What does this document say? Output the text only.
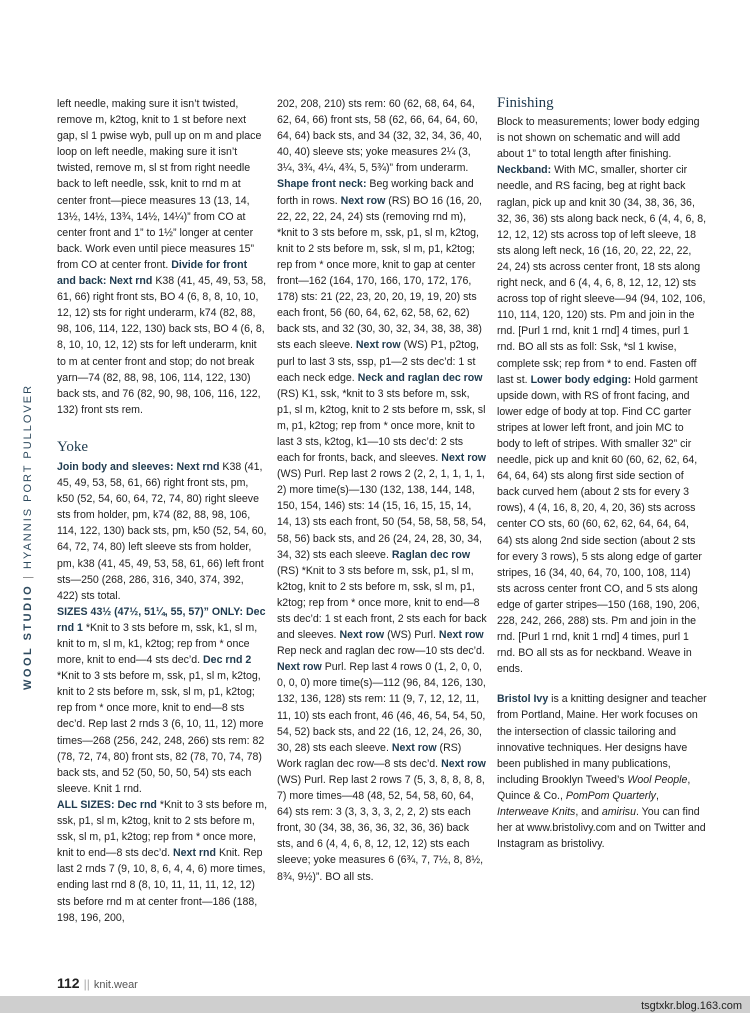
WOOL STUDIO|HYANNIS PORT PULLOVER

left needle, making sure it isn’t twisted, remove m, k2tog, knit to 1 st before next gap, sl 1 pwise wyb, pull up on m and place loop on left needle, making sure it isn’t twisted, remove m, sl st from right needle back to left needle, ssk, knit to rnd m at center front—piece measures 13 (13, 14, 13½, 14½, 13¾, 14½, 14¼)” from CO at center front and 1” to 1½” longer at center back. Work even until piece measures 15” from CO at center front. Divide for front and back: Next rnd K38 (41, 45, 49, 53, 58, 61, 66) right front sts, BO 4 (6, 8, 8, 10, 10, 12, 12) sts for right underarm, k74 (82, 88, 98, 106, 114, 122, 130) back sts, BO 4 (6, 8, 8, 10, 10, 12, 12) sts for left underarm, knit to m at center front and stop; do not break yarn—74 (82, 88, 98, 106, 114, 122, 130) back sts, and 76 (82, 90, 98, 106, 116, 122, 132) front sts rem.

Yoke

Join body and sleeves: Next rnd K38 (41, 45, 49, 53, 58, 61, 66) right front sts, pm, k50 (52, 54, 60, 64, 72, 74, 80) right sleeve sts from holder, pm, k74 (82, 88, 98, 106, 114, 122, 130) back sts, pm, k50 (52, 54, 60, 64, 72, 74, 80) left sleeve sts from holder, pm, k38 (41, 45, 49, 53, 58, 61, 66) left front sts—250 (268, 286, 316, 340, 374, 392, 422) sts total.

SIZES 43½ (47½, 51¼, 55, 57)” ONLY: Dec rnd 1 *Knit to 3 sts before m, ssk, k1, sl m, knit to m, sl m, k1, k2tog; rep from * once more, knit to end—4 sts dec’d. Dec rnd 2 *Knit to 3 sts before m, ssk, p1, sl m, k2tog, knit to 2 sts before m, ssk, sl m, p1, k2tog; rep from * once more, knit to end—8 sts dec’d. Rep last 2 rnds 3 (6, 10, 11, 12) more times—268 (256, 242, 248, 266) sts rem: 82 (78, 72, 74, 80) front sts, 82 (78, 70, 74, 78) back sts, and 52 (50, 50, 50, 54) sts each sleeve. Knit 1 rnd.

ALL SIZES: Dec rnd *Knit to 3 sts before m, ssk, p1, sl m, k2tog, knit to 2 sts before m, ssk, sl m, p1, k2tog; rep from * once more, knit to end—8 sts dec’d. Next rnd Knit. Rep last 2 rnds 7 (9, 10, 8, 6, 4, 4, 6) more times, ending last rnd 8 (8, 10, 11, 11, 11, 12, 12) sts before rnd m at center front—186 (188, 198, 196, 200,

202, 208, 210) sts rem: 60 (62, 68, 64, 64, 62, 64, 66) front sts, 58 (62, 66, 64, 64, 60, 64, 64) back sts, and 34 (32, 32, 34, 36, 40, 40, 40) sleeve sts; yoke measures 2¼ (3, 3¼, 3¾, 4¼, 4¾, 5, 5¾)” from underarm. Shape front neck: Beg working back and forth in rows. Next row (RS) BO 16 (16, 20, 22, 22, 22, 24, 24) sts (removing rnd m), *knit to 3 sts before m, ssk, p1, sl m, k2tog, knit to 2 sts before m, ssk, sl m, p1, k2tog; rep from * once more, knit to gap at center front—162 (164, 170, 166, 170, 172, 176, 178) sts: 21 (22, 23, 20, 20, 19, 19, 20) sts each front, 56 (60, 64, 62, 62, 58, 62, 62) back sts, and 32 (30, 30, 32, 34, 38, 38, 38) sts each sleeve. Next row (WS) P1, p2tog, purl to last 3 sts, ssp, p1—2 sts dec’d: 1 st each neck edge. Neck and raglan dec row (RS) K1, ssk, *knit to 3 sts before m, ssk, p1, sl m, k2tog, knit to 2 sts before m, ssk, sl m, p1, k2tog; rep from * once more, knit to last 3 sts, k2tog, k1—10 sts dec’d: 2 sts each for fronts, back, and sleeves. Next row (WS) Purl. Rep last 2 rows 2 (2, 2, 1, 1, 1, 1, 2) more time(s)—130 (132, 138, 144, 148, 150, 154, 146) sts: 14 (15, 16, 15, 15, 14, 14, 13) sts each front, 50 (54, 58, 58, 58, 54, 58, 56) back sts, and 26 (24, 24, 28, 30, 34, 34, 32) sts each sleeve. Raglan dec row (RS) *Knit to 3 sts before m, ssk, p1, sl m, k2tog, knit to 2 sts before m, ssk, sl m, p1, k2tog; rep from * once more, knit to end—8 sts dec’d: 1 st each front, 2 sts each for back and sleeves. Next row (WS) Purl. Next row Rep neck and raglan dec row—10 sts dec’d. Next row Purl. Rep last 4 rows 0 (1, 2, 0, 0, 0, 0, 0) more time(s)—112 (96, 84, 126, 130, 132, 136, 128) sts rem: 11 (9, 7, 12, 12, 11, 11, 10) sts each front, 46 (46, 46, 54, 54, 50, 54, 52) back sts, and 22 (16, 12, 24, 26, 30, 30, 28) sts each sleeve. Next row (RS) Work raglan dec row—8 sts dec’d. Next row (WS) Purl. Rep last 2 rows 7 (5, 3, 8, 8, 8, 8, 7) more times—48 (48, 52, 54, 58, 60, 64, 64) sts rem: 3 (3, 3, 3, 3, 2, 2, 2) sts each front, 30 (34, 38, 36, 36, 32, 36, 36) back sts, and 6 (4, 4, 6, 8, 12, 12, 12) sts each sleeve; yoke measures 6 (6¾, 7, 7½, 8, 8½, 8¾, 9½)”. BO all sts.

Finishing

Block to measurements; lower body edging is not shown on schematic and will add about 1” to total length after finishing. Neckband: With MC, smaller, shorter cir needle, and RS facing, beg at right back raglan, pick up and knit 30 (34, 38, 36, 36, 32, 36, 36) sts along back neck, 6 (4, 4, 6, 8, 12, 12, 12) sts across top of left sleeve, 18 sts along left neck, 16 (16, 20, 22, 22, 22, 24, 24) sts across center front, 18 sts along right neck, and 6 (4, 4, 6, 8, 12, 12, 12) sts across top of right sleeve—94 (94, 102, 106, 110, 114, 120, 120) sts. Pm and join in the rnd. [Purl 1 rnd, knit 1 rnd] 4 times, purl 1 rnd. BO all sts as foll: Ssk, *sl 1 kwise, complete ssk; rep from * to end. Fasten off last st. Lower body edging: Hold garment upside down, with RS of front facing, and lower edge of body at top. Find CC garter stripes at lower left front, and join MC to body to left of stripes. With smaller 32” cir needle, pick up and knit 60 (60, 62, 62, 64, 64, 64, 64) sts along first side section of back curved hem (about 2 sts for every 3 rows), 4 (4, 16, 8, 20, 4, 20, 36) sts across center CO sts, 60 (60, 62, 62, 64, 64, 64, 64) sts along 2nd side section (about 2 sts for every 3 rows), 5 sts along edge of garter stripes, 16 (34, 40, 64, 70, 100, 108, 114) sts across center front CO, and 5 sts along edge of garter stripes—150 (168, 190, 206, 228, 242, 266, 288) sts. Pm and join in the rnd. [Purl 1 rnd, knit 1 rnd] 4 times, purl 1 rnd. BO all sts as for neckband. Weave in ends.

Bristol Ivy is a knitting designer and teacher from Portland, Maine. Her work focuses on the intersection of classic tailoring and innovative techniques. Her designs have been published in many publications, including Brooklyn Tweed’s Wool People, Quince & Co., PomPom Quarterly, Interweave Knits, and amirisu. You can find her at www.bristolivy.com and on Twitter and Instagram as bristolivy.

112 || knit.wear
tsgtxkr.blog.163.com
